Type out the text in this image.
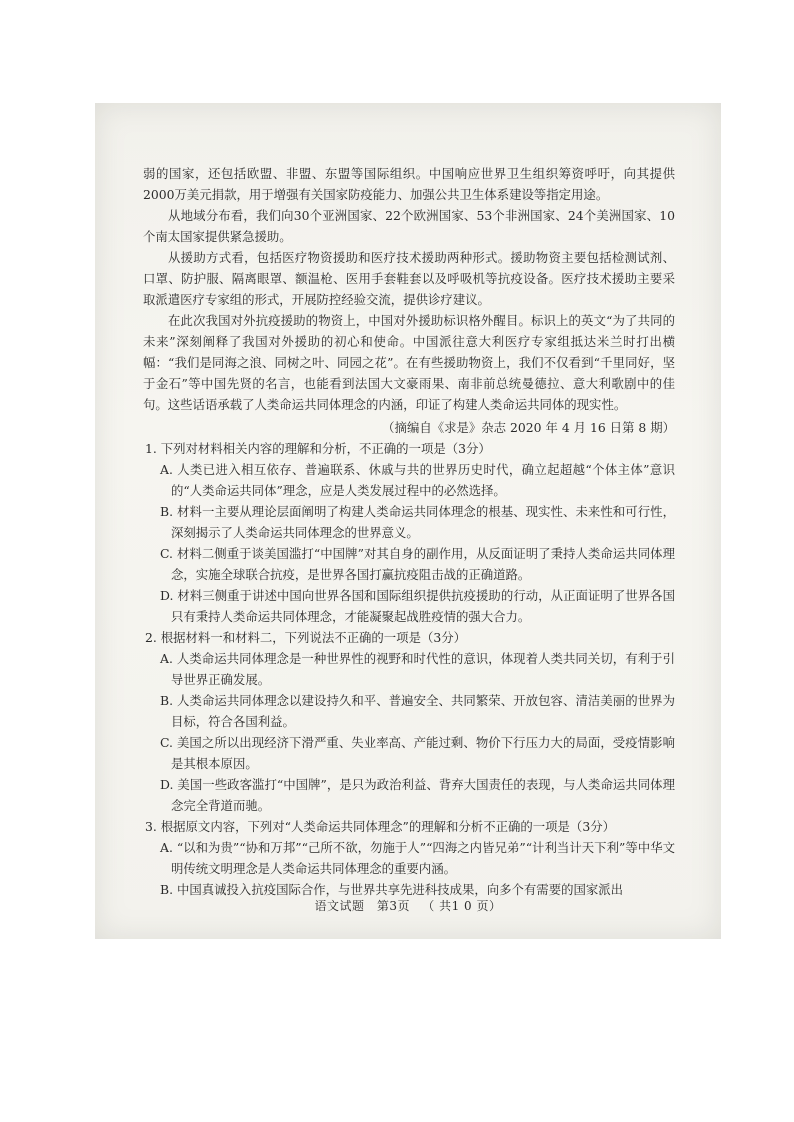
弱的国家，还包括欧盟、非盟、东盟等国际组织。中国响应世界卫生组织筹资呼吁，向其提供2000万美元捐款，用于增强有关国家防疫能力、加强公共卫生体系建设等指定用途。

从地域分布看，我们向30个亚洲国家、22个欧洲国家、53个非洲国家、24个美洲国家、10个南太国家提供紧急援助。

从援助方式看，包括医疗物资援助和医疗技术援助两种形式。援助物资主要包括检测试剂、口罩、防护服、隔离眼罩、额温枪、医用手套鞋套以及呼吸机等抗疫设备。医疗技术援助主要采取派遣医疗专家组的形式，开展防控经验交流，提供诊疗建议。

在此次我国对外抗疫援助的物资上，中国对外援助标识格外醒目。标识上的英文“为了共同的未来”深刻阐释了我国对外援助的初心和使命。中国派往意大利医疗专家组抵达米兰时打出横幅：“我们是同海之浪、同树之叶、同园之花”。在有些援助物资上，我们不仅看到“千里同好，坚于金石”等中国先贤的名言，也能看到法国大文豪雨果、南非前总统曼德拉、意大利歌剧中的佳句。这些话语承载了人类命运共同体理念的内涵，印证了构建人类命运共同体的现实性。

（摘编自《求是》杂志 2020 年 4 月 16 日第 8 期）

1. 下列对材料相关内容的理解和分析，不正确的一项是（3分）

A. 人类已进入相互依存、普遍联系、休戚与共的世界历史时代，确立起超越“个体主体”意识的“人类命运共同体”理念，应是人类发展过程中的必然选择。

B. 材料一主要从理论层面阐明了构建人类命运共同体理念的根基、现实性、未来性和可行性，深刻揭示了人类命运共同体理念的世界意义。

C. 材料二侧重于谈美国滥打“中国牌”对其自身的副作用，从反面证明了秉持人类命运共同体理念，实施全球联合抗疫，是世界各国打赢抗疫阻击战的正确道路。

D. 材料三侧重于讲述中国向世界各国和国际组织提供抗疫援助的行动，从正面证明了世界各国只有秉持人类命运共同体理念，才能凝聚起战胜疫情的强大合力。

2. 根据材料一和材料二，下列说法不正确的一项是（3分）

A. 人类命运共同体理念是一种世界性的视野和时代性的意识，体现着人类共同关切，有利于引导世界正确发展。

B. 人类命运共同体理念以建设持久和平、普遍安全、共同繁荣、开放包容、清洁美丽的世界为目标，符合各国利益。

C. 美国之所以出现经济下滑严重、失业率高、产能过剩、物价下行压力大的局面，受疫情影响是其根本原因。

D. 美国一些政客滥打“中国牌”，是只为政治利益、背弃大国责任的表现，与人类命运共同体理念完全背道而驰。

3. 根据原文内容，下列对“人类命运共同体理念”的理解和分析不正确的一项是（3分）

A. “以和为贵”“协和万邦”“己所不欲，勿施于人”“四海之内皆兄弟”“计利当计天下利”等中华文明传统文明理念是人类命运共同体理念的重要内涵。

B. 中国真诚投入抗疫国际合作，与世界共享先进科技成果，向多个有需要的国家派出

语文试题 第3页 （ 共1 0 页）
